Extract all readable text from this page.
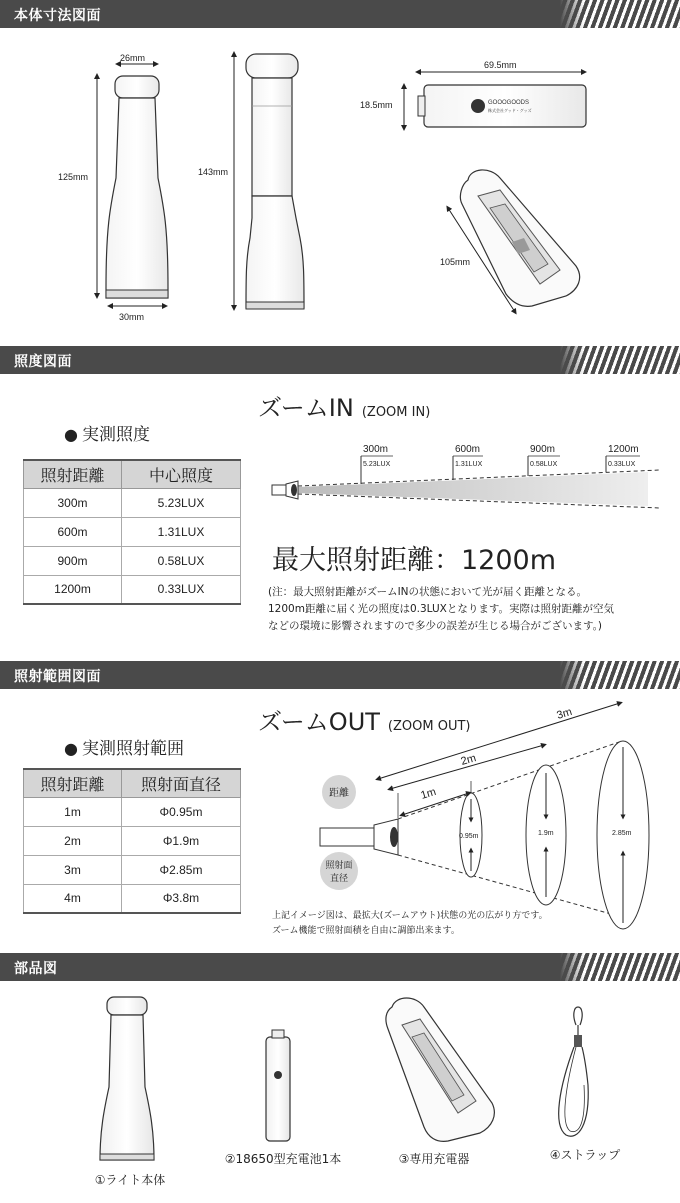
本体寸法図面
GOOOGOODS
株式会社グッド・グッズ
26mm
125mm
30mm
143mm
69.5mm
18.5mm
105mm
照度図面
ズームIN (ZOOM IN)
● 実測照度
照射距離	中心照度
300m	5.23LUX
600m	1.31LUX
900m	0.58LUX
1200m	0.33LUX
300m
5.23LUX
600m
1.31LUX
900m
0.58LUX
1200m
0.33LUX
最大照射距離：1200m
(注：最大照射距離がズームINの状態において光が届く距離となる。
1200m距離に届く光の照度は0.3LUXとなります。実際は照射距離が空気
などの環境に影響されますので多少の誤差が生じる場合がございます。)
照射範囲図面
ズームOUT (ZOOM OUT)
● 実測照射範囲
照射距離	照射面直径
1m	Φ0.95m
2m	Φ1.9m
3m	Φ2.85m
4m	Φ3.8m
距離
照射面
直径
0.95m	1.9m	2.85m
1m
2m
3m
上記イメージ図は、最拡大(ズームアウト)状態の光の広がり方です。
ズーム機能で照射面積を自由に調節出来ます。
部品図
①ライト本体
②18650型充電池1本	③専用充電器	④ストラップ
